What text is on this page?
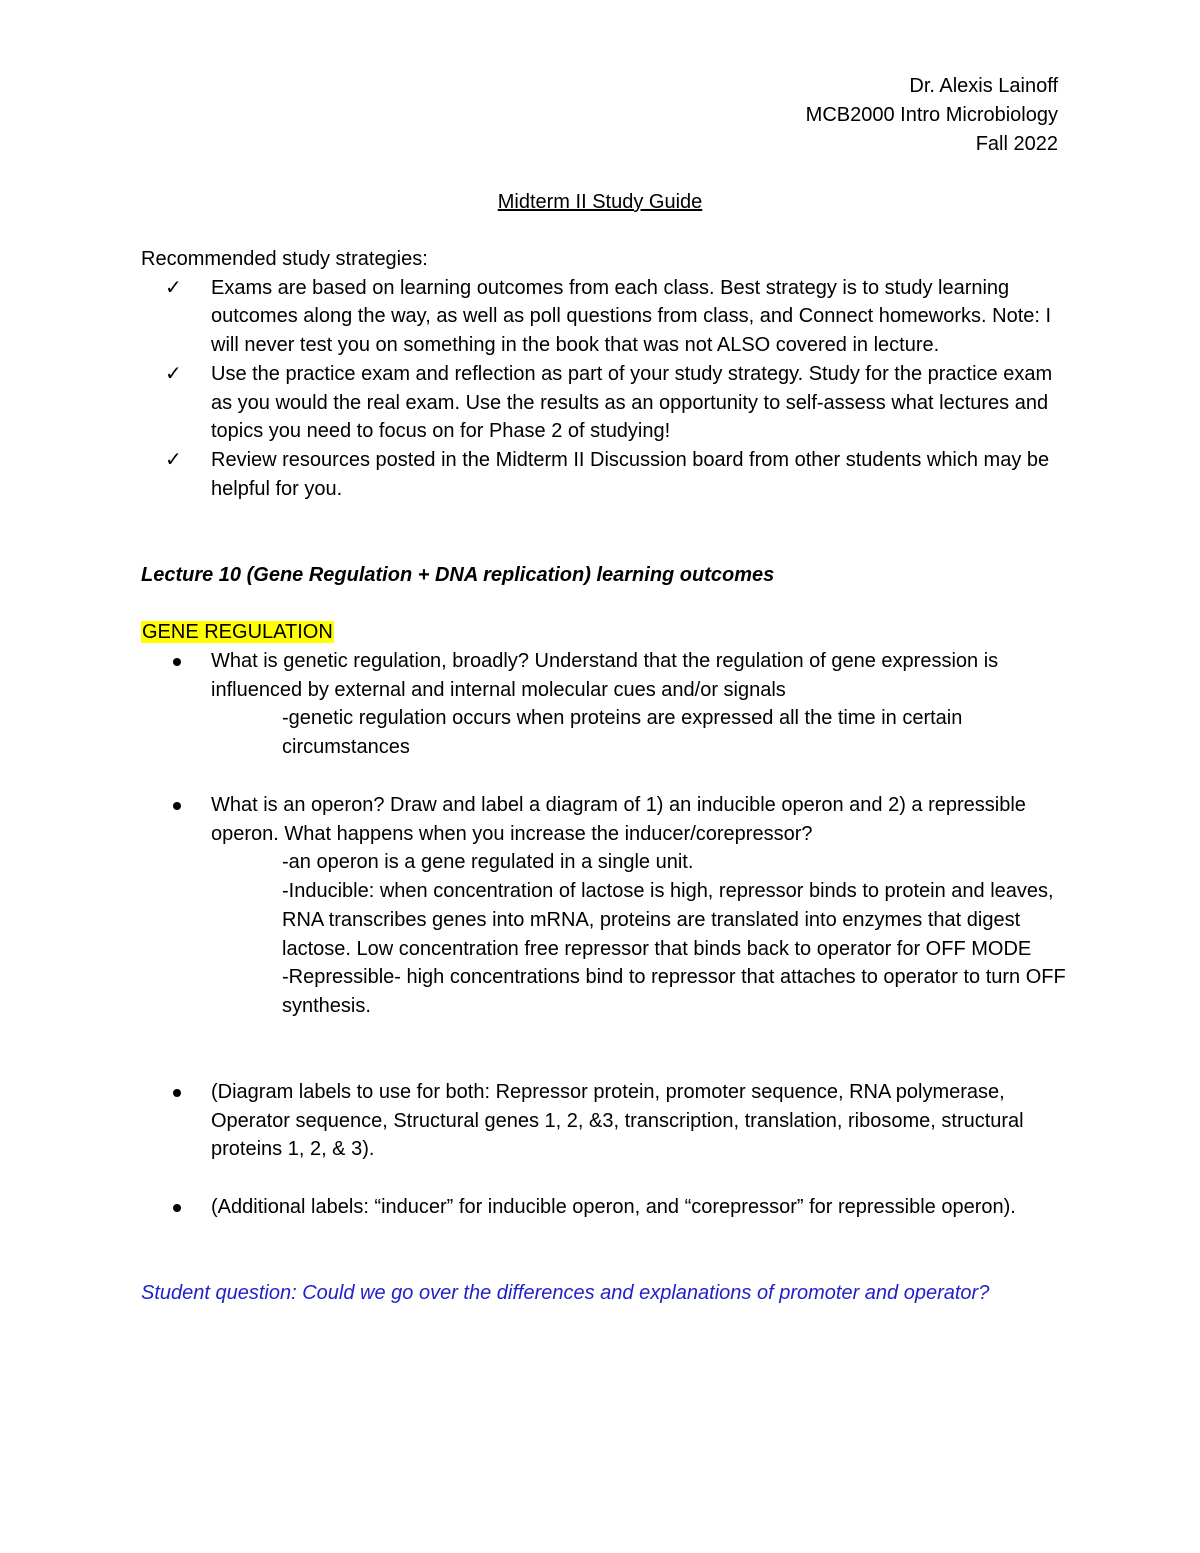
Dr. Alexis Lainoff
MCB2000 Intro Microbiology
Fall 2022
Midterm II Study Guide
Recommended study strategies:
✓ Exams are based on learning outcomes from each class. Best strategy is to study learning outcomes along the way, as well as poll questions from class, and Connect homeworks. Note: I will never test you on something in the book that was not ALSO covered in lecture.
✓ Use the practice exam and reflection as part of your study strategy. Study for the practice exam as you would the real exam. Use the results as an opportunity to self-assess what lectures and topics you need to focus on for Phase 2 of studying!
✓ Review resources posted in the Midterm II Discussion board from other students which may be helpful for you.
Lecture 10 (Gene Regulation + DNA replication) learning outcomes
GENE REGULATION
What is genetic regulation, broadly? Understand that the regulation of gene expression is influenced by external and internal molecular cues and/or signals
-genetic regulation occurs when proteins are expressed all the time in certain circumstances
What is an operon? Draw and label a diagram of 1) an inducible operon and 2) a repressible operon. What happens when you increase the inducer/corepressor?
-an operon is a gene regulated in a single unit.
-Inducible: when concentration of lactose is high, repressor binds to protein and leaves, RNA transcribes genes into mRNA, proteins are translated into enzymes that digest lactose. Low concentration free repressor that binds back to operator for OFF MODE
-Repressible- high concentrations bind to repressor that attaches to operator to turn OFF synthesis.
(Diagram labels to use for both: Repressor protein, promoter sequence, RNA polymerase, Operator sequence, Structural genes 1, 2, &3, transcription, translation, ribosome, structural proteins 1, 2, & 3).
(Additional labels: “inducer” for inducible operon, and “corepressor” for repressible operon).
Student question: Could we go over the differences and explanations of promoter and operator?
